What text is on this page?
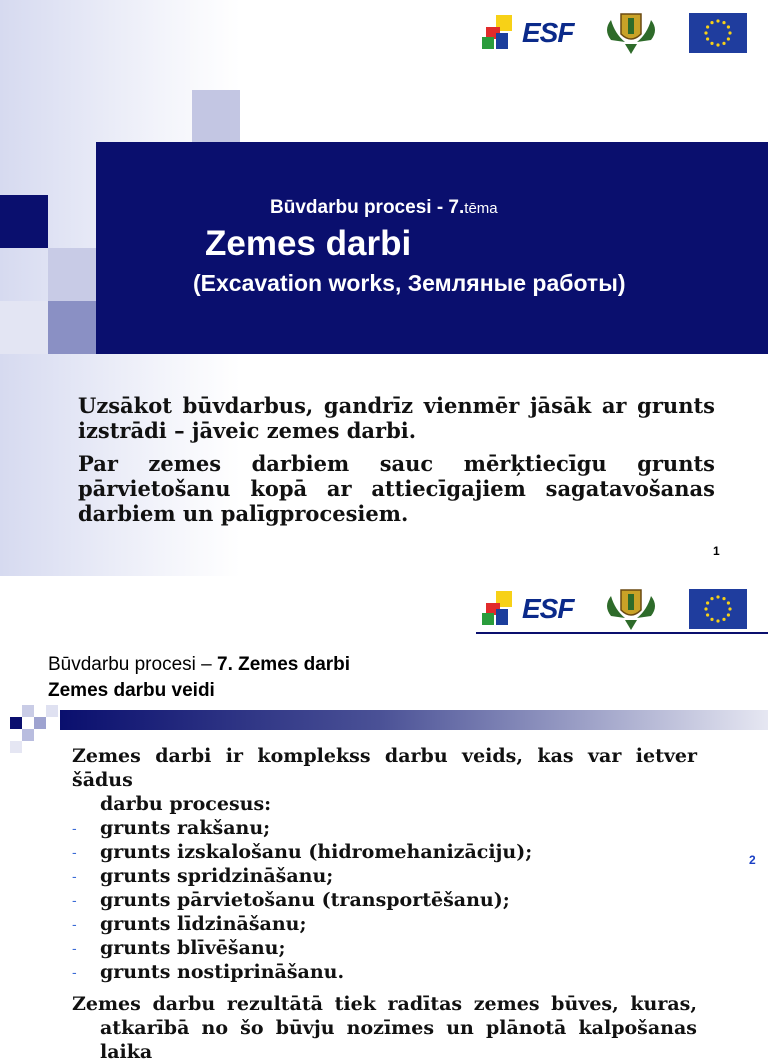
ESF
Būvdarbu procesi - 7.tēma
Zemes darbi
(Excavation works, Земляные работы)

Uzsākot būvdarbus, gandrīz vienmēr jāsāk ar grunts izstrādi – jāveic zemes darbi.

Par zemes darbiem sauc mērķtiecīgu grunts pārvietošanu kopā ar attiecīgajiem sagatavošanas darbiem un palīgprocesiem.

1
ESF
Būvdarbu procesi – 7. Zemes darbi
Zemes darbu veidi
Zemes darbi ir komplekss darbu veids, kas var ietver šādus
darbu procesus:
- grunts rakšanu;
- grunts izskalošanu (hidromehanizāciju);
- grunts spridzināšanu;
- grunts pārvietošanu (transportēšanu);
- grunts līdzināšanu;
- grunts blīvēšanu;
- grunts nostiprināšanu.
Zemes darbu rezultātā tiek radītas zemes būves, kuras,
atkarībā no šo būvju nozīmes un plānotā kalpošanas laika
2
